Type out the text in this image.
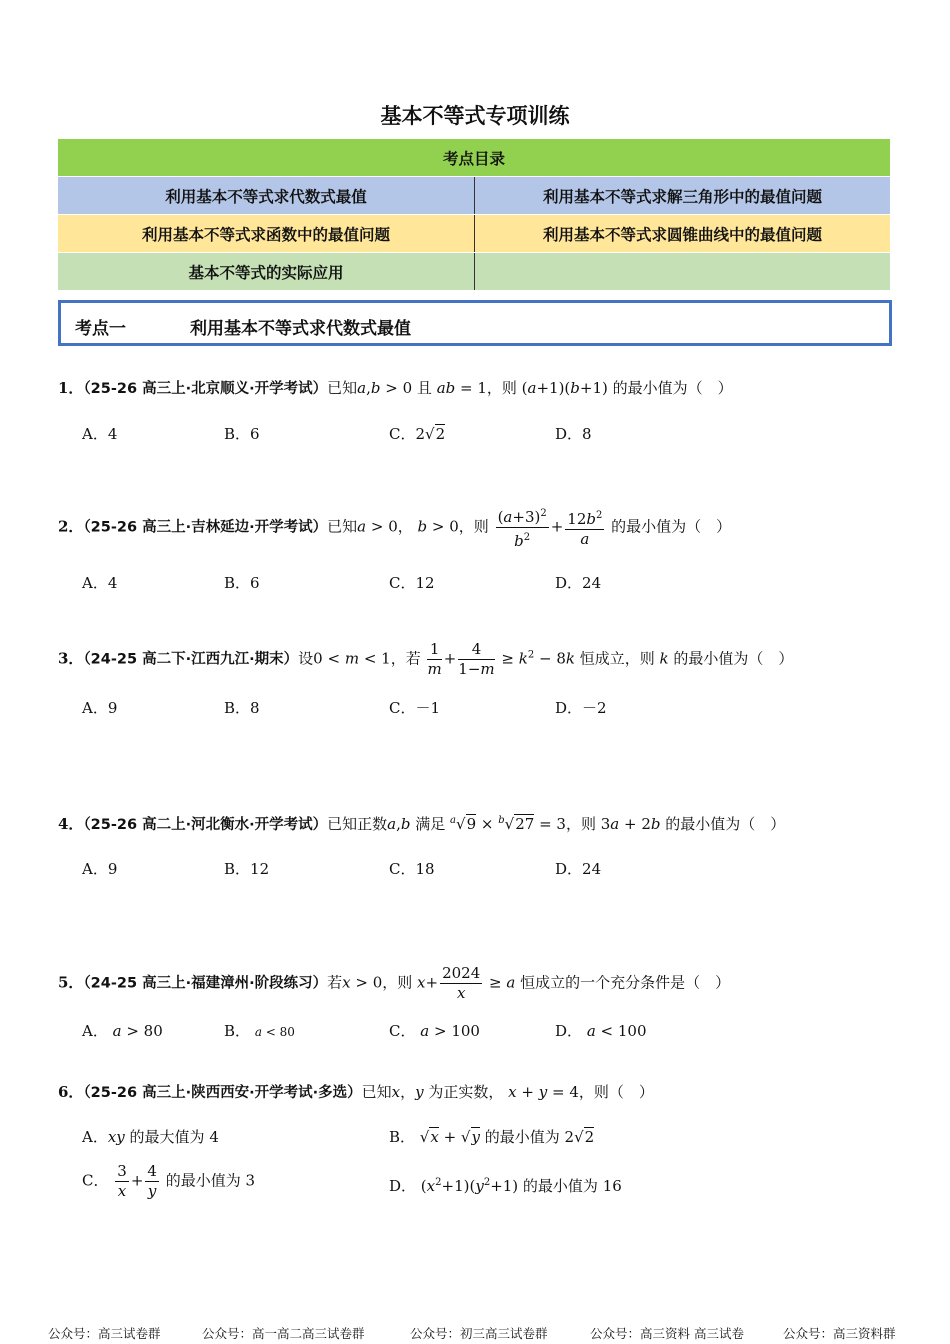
基本不等式专项训练
考点目录	
利用基本不等式求代数式最值	利用基本不等式求解三角形中的最值问题
利用基本不等式求函数中的最值问题	利用基本不等式求圆锥曲线中的最值问题
基本不等式的实际应用	
考点一	利用基本不等式求代数式最值
1．（25-26 高三上·北京顺义·开学考试）已知a,b > 0 且 ab = 1，则 (a+1)(b+1) 的最小值为（　）
A．4	B．6	C．2√2	D．8
2．（25-26 高三上·吉林延边·开学考试）已知a > 0， b > 0，则 $\frac{(a+3)^2}{b^2} + \frac{12b^2}{a}$ 的最小值为（　）
A．4	B．6	C．12	D．24
3．（24-25 高二下·江西九江·期末）设0 < m < 1，若 $\frac{1}{m} + \frac{4}{1-m} \ge k^2 - 8k$ 恒成立，则 k 的最小值为（　）
A．9	B．8	C．－1	D．－2
4．（25-26 高二上·河北衡水·开学考试）已知正数a,b 满足 $^a$√9 × $^b$√27 = 3，则 3a + 2b 的最小值为（　）
A．9	B．12	C．18	D．24
5．（24-25 高三上·福建漳州·阶段练习）若x > 0，则 $x+ \frac{2024}{x} \ge a$ 恒成立的一个充分条件是（　）
A． a > 80	B． a < 80	C． a > 100	D． a < 100
6．（25-26 高三上·陕西西安·开学考试·多选）已知x，y 为正实数， x + y = 4，则（　）
A．xy 的最大值为 4	B． √x + √y 的最小值为 2√2
C． $\frac{3}{x} + \frac{4}{y}$ 的最小值为 3	D． $(x^2+1)(y^2+1)$ 的最小值为 16
公众号：高三试卷群	公众号：高一高二高三试卷群	公众号：初三高三试卷群	公众号：高三资料 高三试卷	公众号：高三资料群
